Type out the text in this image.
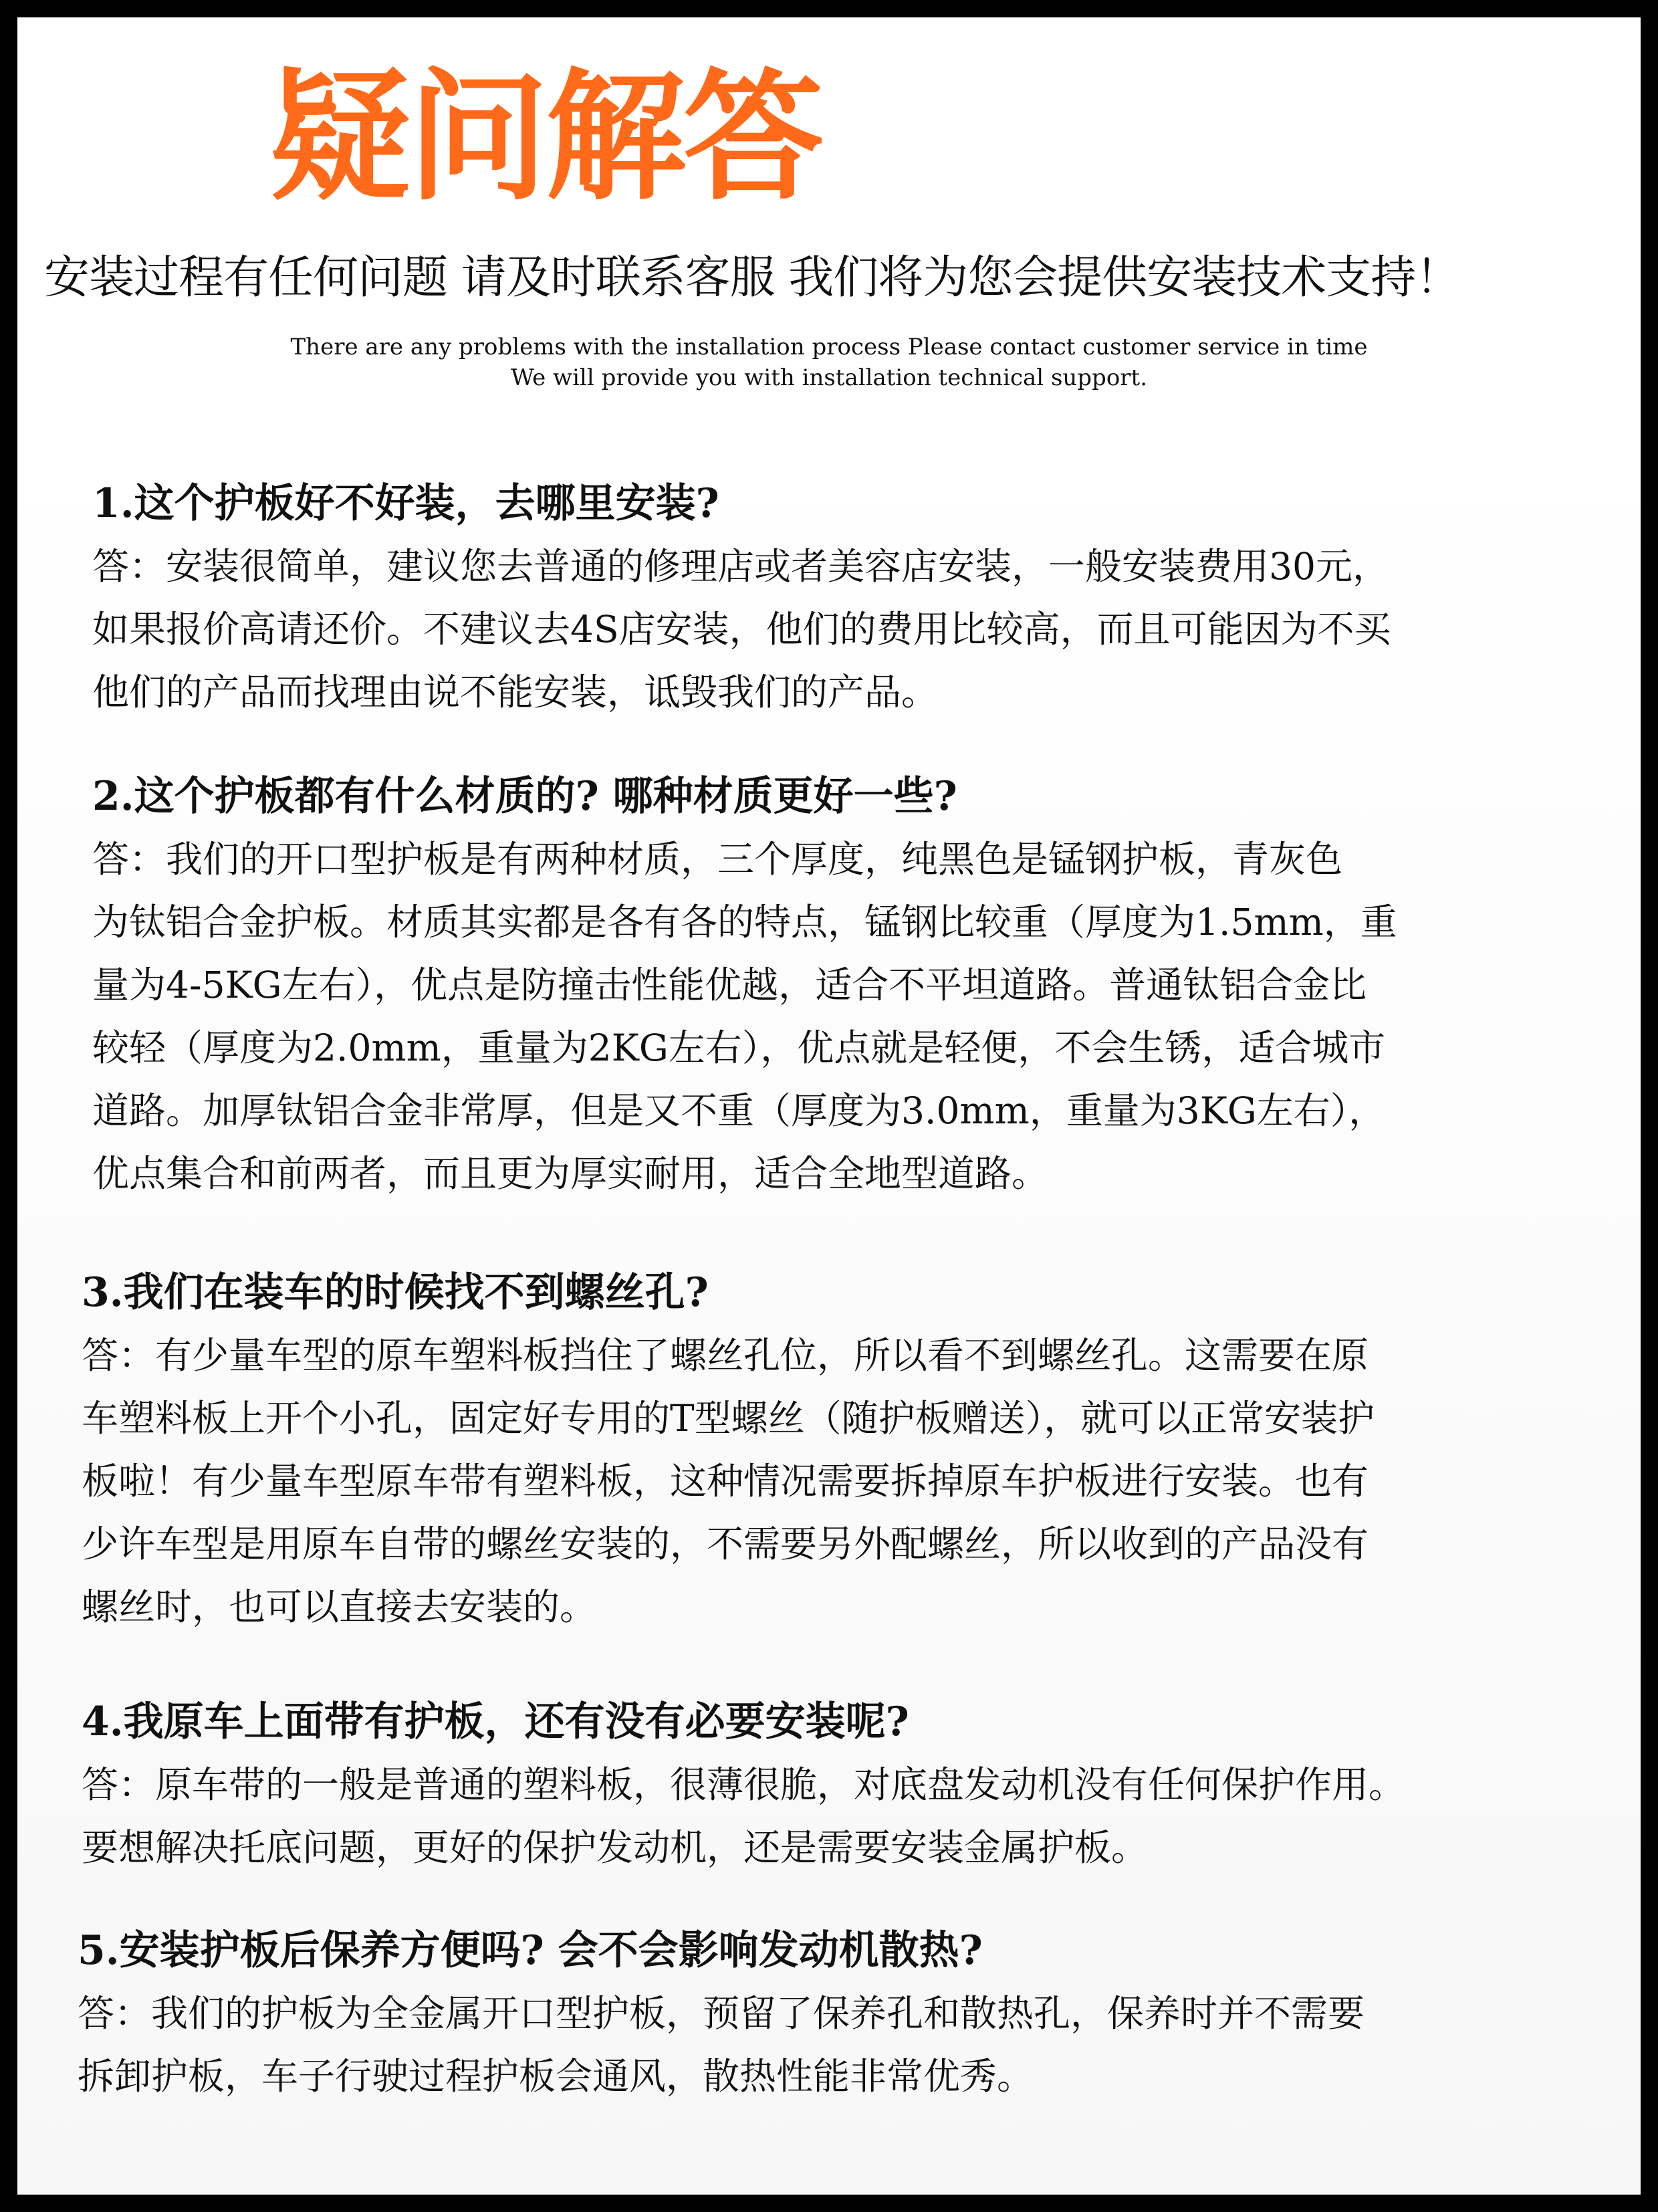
疑问解答
安装过程有任何问题 请及时联系客服 我们将为您会提供安装技术支持！
There are any problems with the installation process Please contact customer service in time
We will provide you with installation technical support.
1.这个护板好不好装，去哪里安装?
答：安装很简单，建议您去普通的修理店或者美容店安装，一般安装费用30元，
如果报价高请还价。不建议去4S店安装，他们的费用比较高，而且可能因为不买
他们的产品而找理由说不能安装，诋毁我们的产品。
2.这个护板都有什么材质的? 哪种材质更好一些?
答：我们的开口型护板是有两种材质，三个厚度，纯黑色是锰钢护板，青灰色
为钛铝合金护板。材质其实都是各有各的特点，锰钢比较重（厚度为1.5mm，重
量为4-5KG左右），优点是防撞击性能优越，适合不平坦道路。普通钛铝合金比
较轻（厚度为2.0mm，重量为2KG左右），优点就是轻便，不会生锈，适合城市
道路。加厚钛铝合金非常厚，但是又不重（厚度为3.0mm，重量为3KG左右），
优点集合和前两者，而且更为厚实耐用，适合全地型道路。
3.我们在装车的时候找不到螺丝孔?
答：有少量车型的原车塑料板挡住了螺丝孔位，所以看不到螺丝孔。这需要在原
车塑料板上开个小孔，固定好专用的T型螺丝（随护板赠送），就可以正常安装护
板啦！有少量车型原车带有塑料板，这种情况需要拆掉原车护板进行安装。也有
少许车型是用原车自带的螺丝安装的，不需要另外配螺丝，所以收到的产品没有
螺丝时，也可以直接去安装的。
4.我原车上面带有护板，还有没有必要安装呢?
答：原车带的一般是普通的塑料板，很薄很脆，对底盘发动机没有任何保护作用。
要想解决托底问题，更好的保护发动机，还是需要安装金属护板。
5.安装护板后保养方便吗? 会不会影响发动机散热?
答：我们的护板为全金属开口型护板，预留了保养孔和散热孔，保养时并不需要
拆卸护板，车子行驶过程护板会通风，散热性能非常优秀。
